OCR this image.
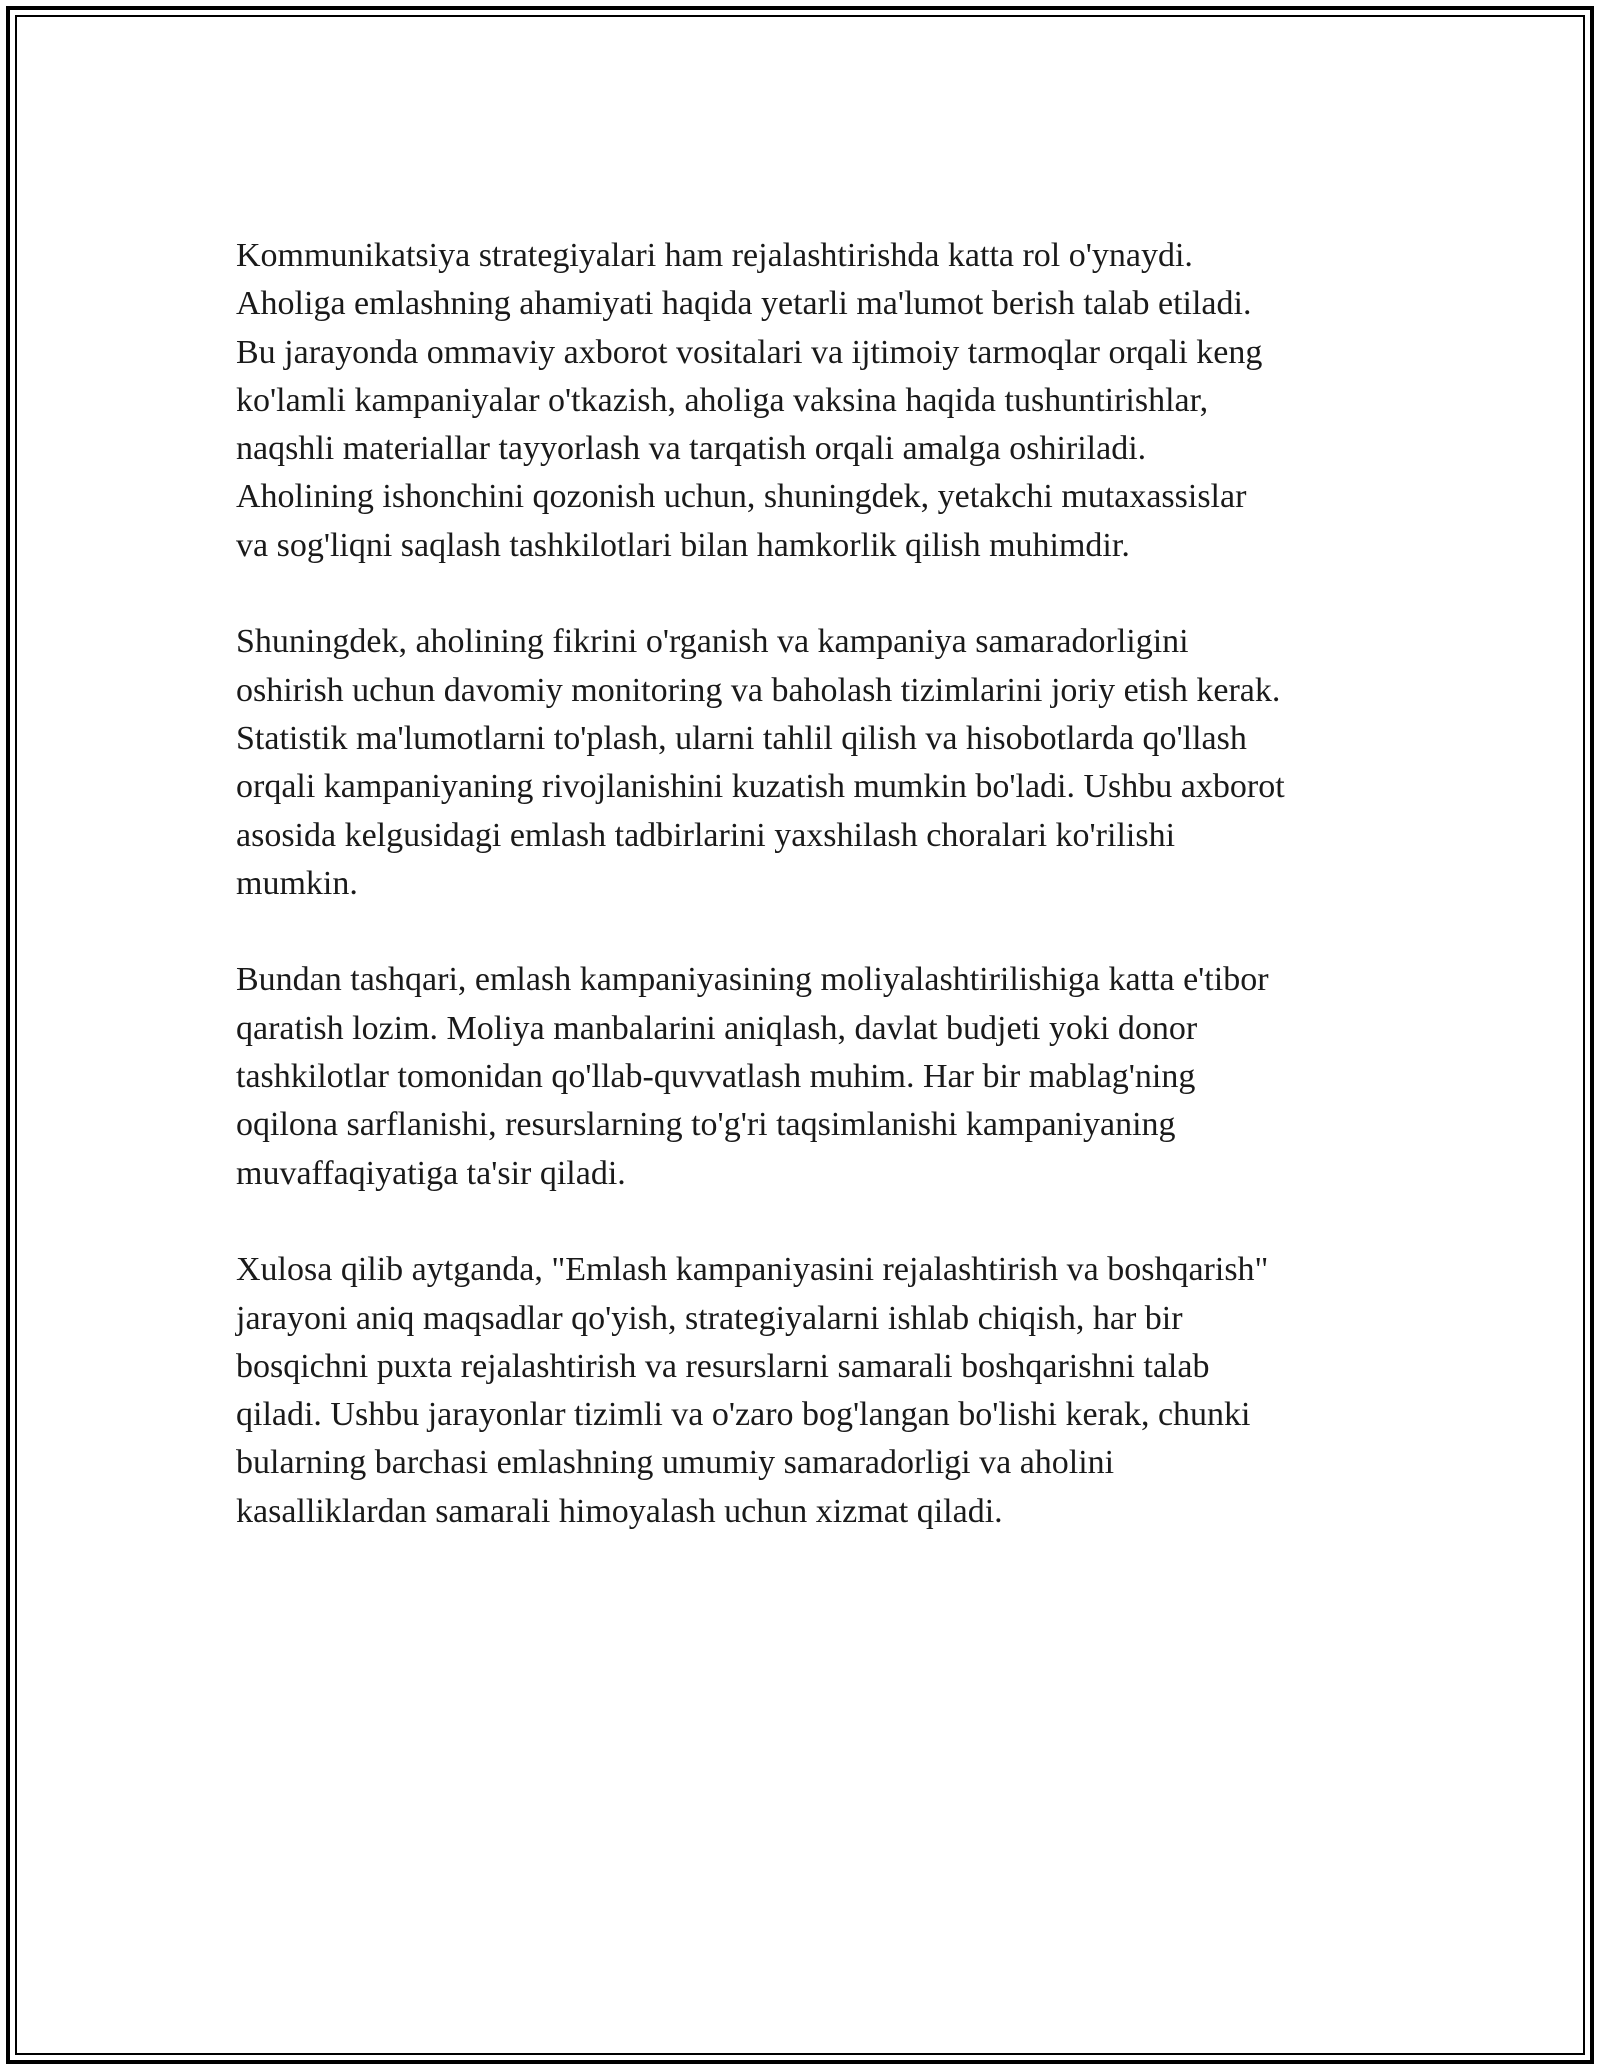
Kommunikatsiya strategiyalari ham rejalashtirishda katta rol o'ynaydi.
Aholiga emlashning ahamiyati haqida yetarli ma'lumot berish talab etiladi.
Bu jarayonda ommaviy axborot vositalari va ijtimoiy tarmoqlar orqali keng
ko'lamli kampaniyalar o'tkazish, aholiga vaksina haqida tushuntirishlar,
naqshli materiallar tayyorlash va tarqatish orqali amalga oshiriladi.
Aholining ishonchini qozonish uchun, shuningdek, yetakchi mutaxassislar
va sog'liqni saqlash tashkilotlari bilan hamkorlik qilish muhimdir.

Shuningdek, aholining fikrini o'rganish va kampaniya samaradorligini
oshirish uchun davomiy monitoring va baholash tizimlarini joriy etish kerak.
Statistik ma'lumotlarni to'plash, ularni tahlil qilish va hisobotlarda qo'llash
orqali kampaniyaning rivojlanishini kuzatish mumkin bo'ladi. Ushbu axborot
asosida kelgusidagi emlash tadbirlarini yaxshilash choralari ko'rilishi
mumkin.

Bundan tashqari, emlash kampaniyasining moliyalashtirilishiga katta e'tibor
qaratish lozim. Moliya manbalarini aniqlash, davlat budjeti yoki donor
tashkilotlar tomonidan qo'llab-quvvatlash muhim. Har bir mablag'ning
oqilona sarflanishi, resurslarning to'g'ri taqsimlanishi kampaniyaning
muvaffaqiyatiga ta'sir qiladi.

Xulosa qilib aytganda, "Emlash kampaniyasini rejalashtirish va boshqarish"
jarayoni aniq maqsadlar qo'yish, strategiyalarni ishlab chiqish, har bir
bosqichni puxta rejalashtirish va resurslarni samarali boshqarishni talab
qiladi. Ushbu jarayonlar tizimli va o'zaro bog'langan bo'lishi kerak, chunki
bularning barchasi emlashning umumiy samaradorligi va aholini
kasalliklardan samarali himoyalash uchun xizmat qiladi.
